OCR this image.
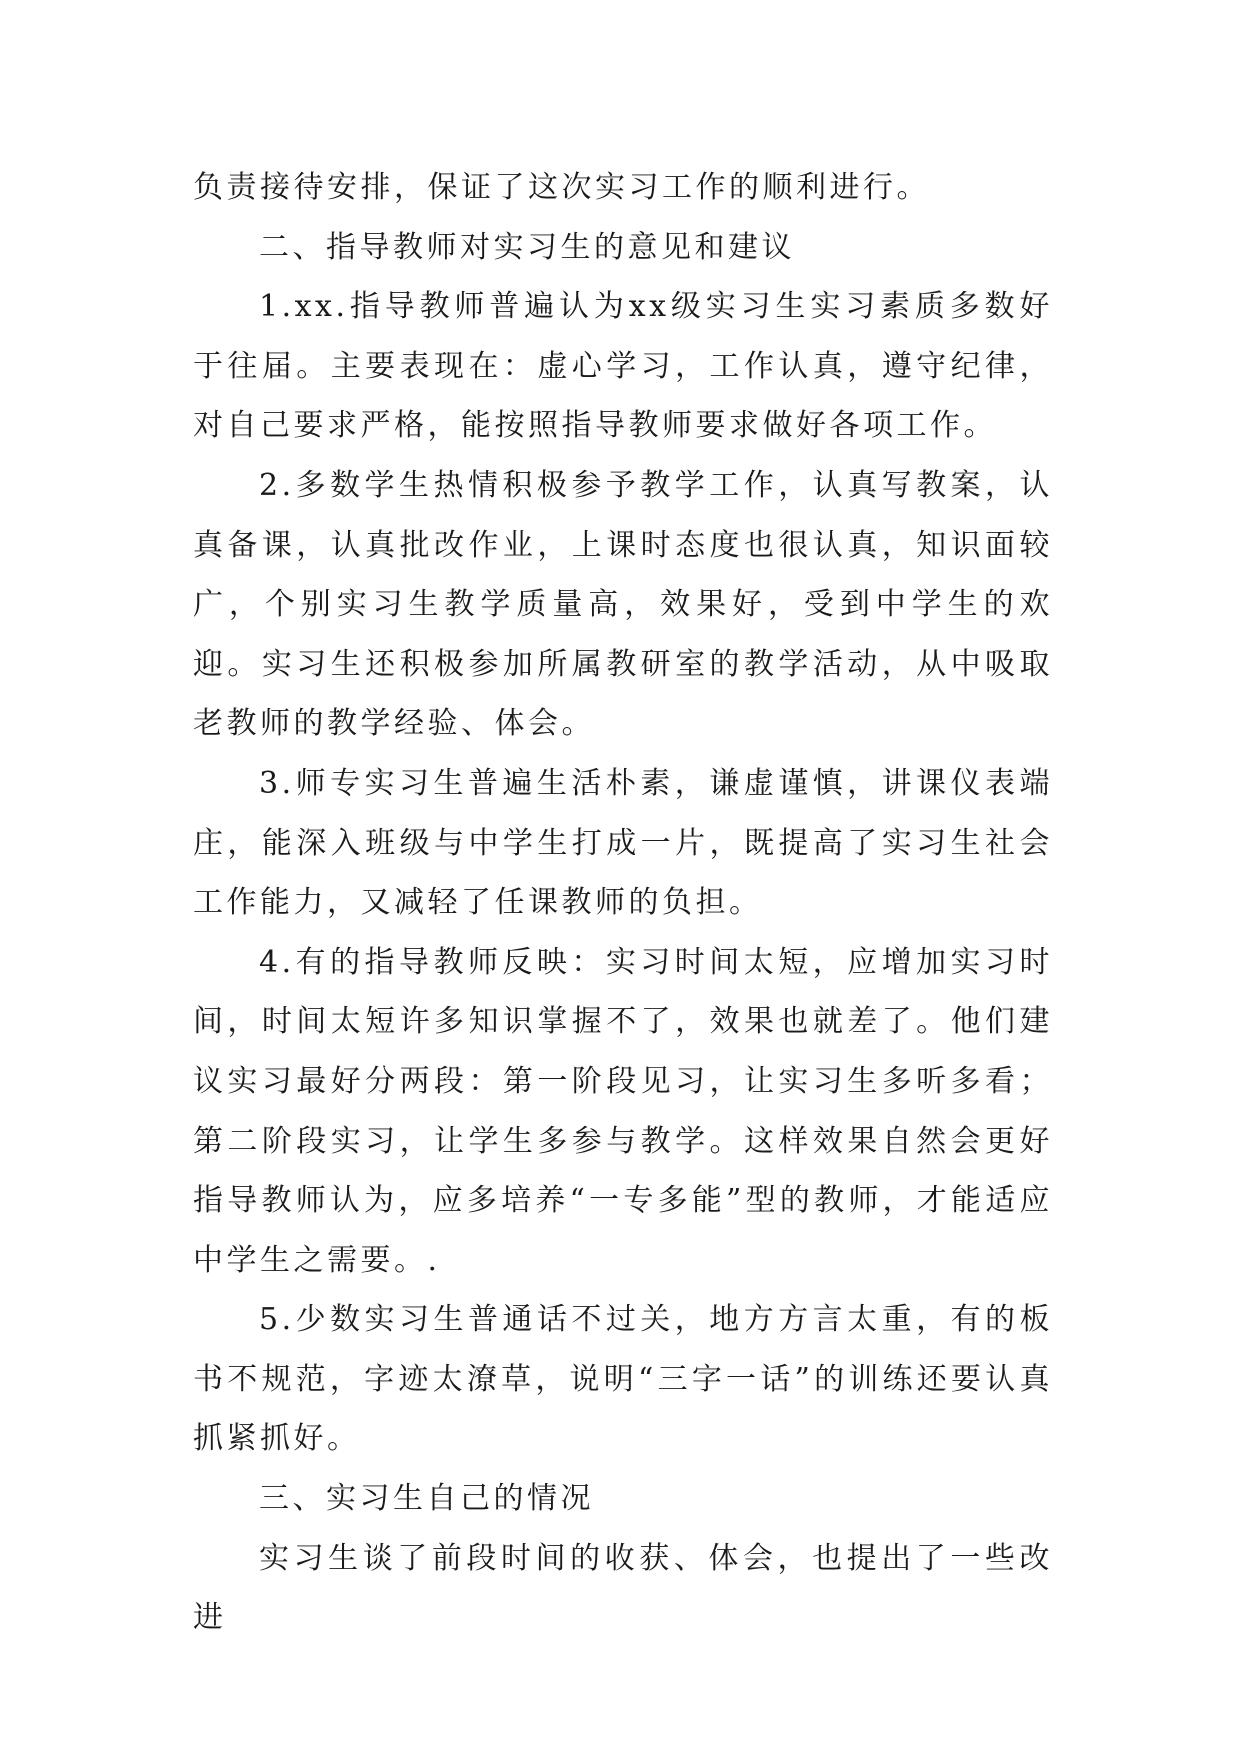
负责接待安排，保证了这次实习工作的顺利进行。

二、指导教师对实习生的意见和建议

1.xx.指导教师普遍认为xx级实习生实习素质多数好于往届。主要表现在：虚心学习，工作认真，遵守纪律，对自己要求严格，能按照指导教师要求做好各项工作。

2.多数学生热情积极参予教学工作，认真写教案，认真备课，认真批改作业，上课时态度也很认真，知识面较广，个别实习生教学质量高，效果好，受到中学生的欢迎。实习生还积极参加所属教研室的教学活动，从中吸取老教师的教学经验、体会。

3.师专实习生普遍生活朴素，谦虚谨慎，讲课仪表端庄，能深入班级与中学生打成一片，既提高了实习生社会工作能力，又减轻了任课教师的负担。

4.有的指导教师反映：实习时间太短，应增加实习时间，时间太短许多知识掌握不了，效果也就差了。他们建议实习最好分两段：第一阶段见习，让实习生多听多看；第二阶段实习，让学生多参与教学。这样效果自然会更好指导教师认为，应多培养“一专多能”型的教师，才能适应中学生之需要。.

5.少数实习生普通话不过关，地方方言太重，有的板书不规范，字迹太潦草，说明“三字一话”的训练还要认真抓紧抓好。

三、实习生自己的情况

实习生谈了前段时间的收获、体会，也提出了一些改进
